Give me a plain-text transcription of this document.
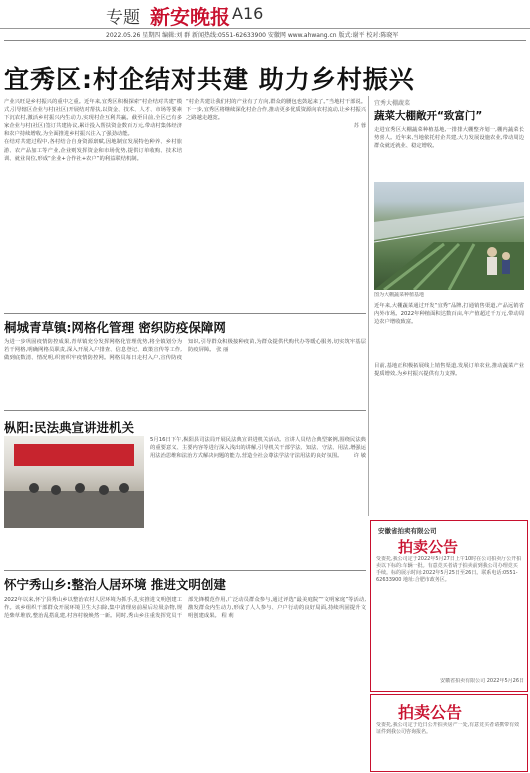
专题 新安晚报 A16
2022.05.26 星期四 编辑:刘 群 新闻热线:0551-62633900 安徽网 www.ahwang.cn 版式:谢平 校对:陈晓军
宜秀区:村企结对共建 助力乡村振兴
产业兴旺是乡村振兴的重中之重。近年来,宜秀区积极探索“村企结对共建”模式,引导辖区企业与村(社区)开展结对帮扶,以资金、技术、人才、市场等要素下沉农村,激活乡村振兴内生动力,实现村企互利共赢。截至目前,全区已有多家企业与村(社区)签订共建协议,累计投入帮扶资金数百万元,带动村集体经济和农户持续增收,为全面推进乡村振兴注入了强劲动能。
在结对共建过程中,各村结合自身资源禀赋,因地制宜发展特色种养、乡村旅游、农产品加工等产业,企业则发挥资金和市场优势,提供订单收购、技术培训、就业岗位,形成“企业+合作社+农户”的利益联结机制。
“村企共建让我们村的产业有了方向,群众的腰包也鼓起来了。”当地村干部说。下一步,宜秀区将继续深化村企合作,推动更多优质资源向农村流动,让乡村振兴之路越走越宽。

苏 蓉
宜秀大棚蔬菜
蔬菜大棚敞开“致富门”
走进宜秀区大棚蔬菜种植基地,一排排大棚整齐划一,棚内蔬菜长势喜人。近年来,当地依托村企共建,大力发展设施农业,带动周边群众就近就业、稳定增收。
图为大棚蔬菜种植基地
近年来,大棚蔬菜通过开发“宜秀”品牌,打通销售渠道,产品远销省内外市场。2022年种植面积达数百亩,年产值超过千万元,带动周边农户增收致富。
目前,基地正积极拓展线上销售渠道,发展订单农业,推动蔬菜产业提质增效,为乡村振兴提供有力支撑。
桐城青草镇:网格化管理 密织防疫保障网
为进一步巩固疫情防控成果,青草镇充分发挥网格化管理优势,将全镇划分为若干网格,明确网格员职责,深入开展入户排查、信息登记、政策宣传等工作,做到底数清、情况明,织密织牢疫情防控网。网格员每日走村入户,宣传防疫知识,引导群众积极接种疫苗,为群众提供代购代办等暖心服务,切实筑牢基层防疫屏障。 张 丽
枞阳:民法典宣讲进机关
5月16日下午,枞阳县司法局开展民法典宣讲进机关活动。宣讲人员结合典型案例,围绕民法典的重要意义、主要内容等进行深入浅出的讲解,引导机关干部学法、知法、守法、用法,增强运用法治思维和法治方式解决问题的能力,营造全社会尊法学法守法用法的良好氛围。 许 敏
怀宁秀山乡:整治人居环境 推进文明创建
2022年以来,怀宁县秀山乡以整治农村人居环境为抓手,扎实推进文明创建工作。该乡组织干部群众开展环境卫生大扫除,集中清理房前屋后垃圾杂物,规范柴草堆放,整治乱搭乱建,村容村貌焕然一新。同时,秀山乡注重发挥党员干部先锋模范作用,广泛动员群众参与,通过评选“最美庭院”“文明家庭”等活动,激发群众内生动力,形成了人人参与、户户行动的良好局面,持续巩固提升文明创建成果。 程 莉
安徽省拍卖有限公司
拍卖公告
受委托,我公司定于2022年5月27日上午10时在公司拍卖厅公开拍卖以下标的:车辆一批。有意竞买者请于拍卖前到我公司办理竞买手续。标的展示时间:2022年5月25日至26日。联系电话:0551-62633900 地址:合肥市政务区。
安徽省拍卖有限公司 2022年5月26日
拍卖公告
受委托,我公司定于近日公开拍卖房产一处,有意竞买者请携带有效证件到我公司咨询报名。
